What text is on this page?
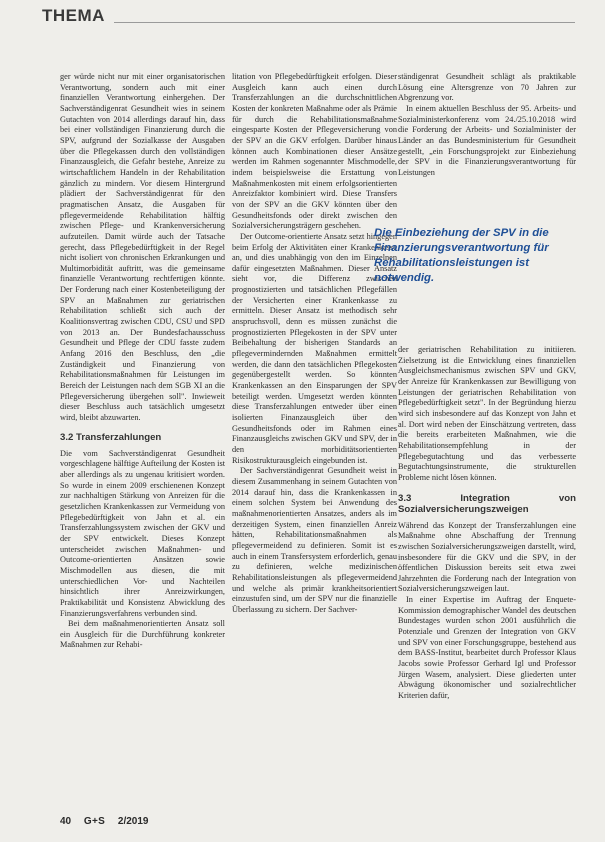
THEMA

ger würde nicht nur mit einer organisatorischen Verantwortung, sondern auch mit einer finanziellen Verantwortung einhergehen. Der Sachverständigenrat Gesundheit wies in seinem Gutachten von 2014 allerdings darauf hin, dass bei einer vollständigen Finanzierung durch die SPV, aufgrund der Sozialkasse der Ausgaben über die Pflegekassen durch den vollständigen Finanzausgleich, die Gefahr bestehe, Anreize zu wirtschaftlichem Handeln in der Rehabilitation gänzlich zu mindern. Vor diesem Hintergrund plädiert der Sachverständigenrat für den pragmatischen Ansatz, die Ausgaben für pflegevermeidende Rehabilitation hälftig zwischen Pflege- und Krankenversicherung aufzuteilen. Damit würde auch der Tatsache gerecht, dass Pflegebedürftigkeit in der Regel nicht isoliert von chronischen Erkrankungen und Multimorbidität auftritt, was die gemeinsame finanzielle Verantwortung rechtfertigen könnte. Der Forderung nach einer Kostenbeteiligung der SPV an Maßnahmen zur geriatrischen Rehabilitation schließt sich auch der Koalitionsvertrag zwischen CDU, CSU und SPD von 2013 an. Der Bundesfachausschuss Gesundheit und Pflege der CDU fasste zudem Anfang 2016 den Beschluss, den „die Zuständigkeit und Finanzierung von Rehabilitationsmaßnahmen für Leistungen im Bereich der Leistungen nach dem SGB XI an die Pflegeversicherung übergehen soll". Inwieweit dieser Beschluss auch tatsächlich umgesetzt wird, bleibt abzuwarten.

3.2 Transferzahlungen

Die vom Sachverständigenrat Gesundheit vorgeschlagene hälftige Aufteilung der Kosten ist aber allerdings als zu ungenau kritisiert worden. So wurde in einem 2009 erschienenen Konzept zur nachhaltigen Stärkung von Anreizen für die gesetzlichen Krankenkassen zur Vermeidung von Pflegebedürftigkeit von Jahn et al. ein Transferzahlungssystem zwischen der GKV und der SPV entwickelt. Dieses Konzept unterscheidet zwischen Maßnahmen- und Outcome-orientierten Ansätzen sowie Mischmodellen aus diesen, die mit unterschiedlichen Vor- und Nachteilen hinsichtlich ihrer Anreizwirkungen, Praktikabilität und Konsistenz Abwicklung des Finanzierungsverfahrens verbunden sind.

Bei dem maßnahmenorientierten Ansatz soll ein Ausgleich für die Durchführung konkreter Maßnahmen zur Rehabi-

litation von Pflegebedürftigkeit erfolgen. Dieser Ausgleich kann auch einen durch Transferzahlungen an die durchschnittlichen Kosten der konkreten Maßnahme oder als Prämie für durch die Rehabilitationsmaßnahme eingesparte Kosten der Pflegeversicherung von der SPV an die GKV erfolgen. Darüber hinaus können auch Kombinationen dieser Ansätze werden im Rahmen sogenannter Mischmodelle, indem beispielsweise die Erstattung von Maßnahmenkosten mit einem erfolgsorientierten Anreizfaktor kombiniert wird. Diese Transfers von der SPV an die GKV könnten über den Gesundheitsfonds oder direkt zwischen den Sozialversicherungsträgern geschehen.

Der Outcome-orientierte Ansatz setzt hingegen beim Erfolg der Aktivitäten einer Krankenkasse an, und dies unabhängig von den im Einzelnen dafür eingesetzten Maßnahmen. Dieser Ansatz sieht vor, die Differenz zwischen prognostizierten und tatsächlichen Pflegefällen der Versicherten einer Krankenkasse zu ermitteln. Dieser Ansatz ist methodisch sehr anspruchsvoll, denn es müssen zunächst die prognostizierten Pflegekosten in der SPV unter Beibehaltung der bisherigen Standards an pflegevermindernden Maßnahmen ermittelt werden, die dann den tatsächlichen Pflegekosten gegenübergestellt werden. So könnten Krankenkassen an den Einsparungen der SPV beteiligt werden. Umgesetzt werden könnten diese Transferzahlungen entweder über einen isolierten Finanzausgleich über den Gesundheitsfonds oder im Rahmen eines Finanzausgleichs zwischen GKV und SPV, der in den morbiditätsorientierten Risikostrukturausgleich eingebunden ist.

Der Sachverständigenrat Gesundheit weist in diesem Zusammenhang in seinem Gutachten von 2014 darauf hin, dass die Krankenkassen in einem solchen System bei Anwendung des maßnahmenorientierten Ansatzes, anders als im derzeitigen System, einen finanziellen Anreiz hätten, Rehabilitationsmaßnahmen als pflegevermeidend zu definieren. Somit ist es auch in einem Transfersystem erforderlich, genau zu definieren, welche medizinischen Rehabilitationsleistungen als pflegevermeidend und welche als primär krankheitsorientiert einzustufen sind, um der SPV nur die finanzielle Überlassung zu sichern. Der Sachver-

ständigenrat Gesundheit schlägt als praktikable Lösung eine Altersgrenze von 70 Jahren zur Abgrenzung vor.

In einem aktuellen Beschluss der 95. Arbeits- und Sozialministerkonferenz vom 24./25.10.2018 wird die Forderung der Arbeits- und Sozialminister der Länder an das Bundesministerium für Gesundheit gestellt, „ein Forschungsprojekt zur Einbeziehung der SPV in die Finanzierungsverantwortung für Leistungen

Die Einbeziehung der SPV in die Finanzierungsverantwortung für Rehabilitationsleistungen ist notwendig.

der geriatrischen Rehabilitation zu initiieren. Zielsetzung ist die Entwicklung eines finanziellen Ausgleichsmechanismus zwischen SPV und GKV, der Anreize für Krankenkassen zur Bewilligung von Leistungen der geriatrischen Rehabilitation von Pflegebedürftigkeit setzt". In der Begründung hierzu wird sich insbesondere auf das Konzept von Jahn et al. Dort wird neben der Einschätzung vertreten, dass die bereits erarbeiteten Maßnahmen, wie die Rehabilitationsempfehlung in der Pflegebegutachtung und das verbesserte Begutachtungsinstrumente, die strukturellen Probleme nicht lösen können.

3.3 Integration von Sozialversicherungszweigen

Während das Konzept der Transferzahlungen eine Maßnahme ohne Abschaffung der Trennung zwischen Sozialversicherungszweigen darstellt, wird, insbesondere für die GKV und die SPV, in der öffentlichen Diskussion bereits seit etwa zwei Jahrzehnten die Forderung nach der Integration von Sozialversicherungszweigen laut.

In einer Expertise im Auftrag der Enquete-Kommission demographischer Wandel des deutschen Bundestages wurden schon 2001 ausführlich die Potenziale und Grenzen der Integration von GKV und SPV von einer Forschungsgruppe, bestehend aus dem BASS-Institut, bearbeitet durch Professor Klaus Jacobs sowie Professor Gerhard Igl und Professor Jürgen Wasem, analysiert. Diese gliederten unter Abwägung ökonomischer und sozialrechtlicher Kriterien dafür,

40 G+S 2/2019
